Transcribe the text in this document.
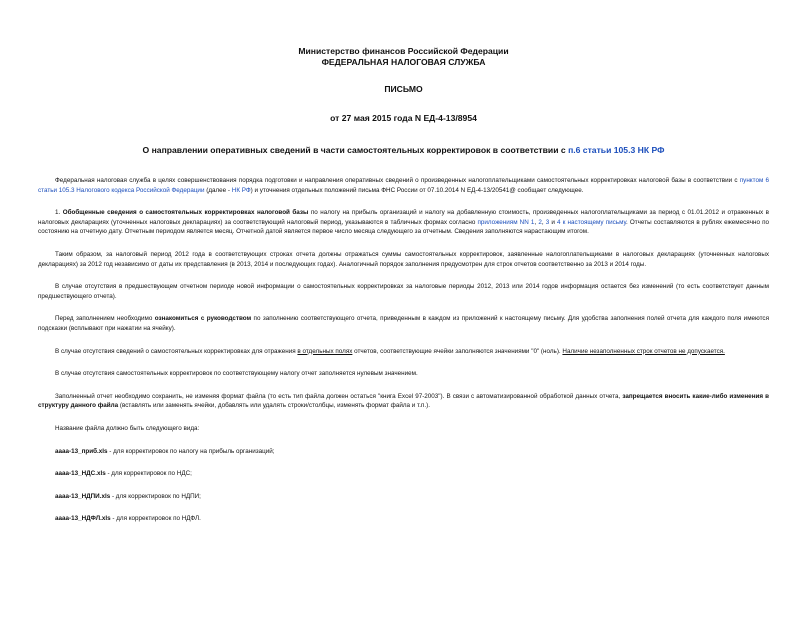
Министерство финансов Российской Федерации
ФЕДЕРАЛЬНАЯ НАЛОГОВАЯ СЛУЖБА
ПИСЬМО
от 27 мая 2015 года N ЕД-4-13/8954
О направлении оперативных сведений в части самостоятельных корректировок в соответствии с п.6 статьи 105.3 НК РФ

Федеральная налоговая служба в целях совершенствования порядка подготовки и направления оперативных сведений о произведенных налогоплательщиками самостоятельных корректировках налоговой базы в соответствии с пунктом 6 статьи 105.3 Налогового кодекса Российской Федерации (далее - НК РФ) и уточнения отдельных положений письма ФНС России от 07.10.2014 N ЕД-4-13/20541@ сообщает следующее.

1. Обобщенные сведения о самостоятельных корректировках налоговой базы по налогу на прибыль организаций и налогу на добавленную стоимость, произведенных налогоплательщиками за период с 01.01.2012 и отраженных в налоговых декларациях (уточненных налоговых декларациях) за соответствующий налоговый период, указываются в табличных формах согласно приложениям NN 1, 2, 3 и 4 к настоящему письму. Отчеты составляются в рублях ежемесячно по состоянию на отчетную дату. Отчетным периодом является месяц. Отчетной датой является первое число месяца следующего за отчетным. Сведения заполняются нарастающим итогом.

Таким образом, за налоговый период 2012 года в соответствующих строках отчета должны отражаться суммы самостоятельных корректировок, заявленные налогоплательщиками в налоговых декларациях (уточненных налоговых декларациях) за 2012 год независимо от даты их представления (в 2013, 2014 и последующих годах). Аналогичный порядок заполнения предусмотрен для строк отчетов соответственно за 2013 и 2014 годы.

В случае отсутствия в предшествующем отчетном периоде новой информации о самостоятельных корректировках за налоговые периоды 2012, 2013 или 2014 годов информация остается без изменений (то есть соответствует данным предшествующего отчета).

Перед заполнением необходимо ознакомиться с руководством по заполнению соответствующего отчета, приведенным в каждом из приложений к настоящему письму. Для удобства заполнения полей отчета для каждого поля имеются подсказки (всплывают при нажатии на ячейку).

В случае отсутствия сведений о самостоятельных корректировках для отражения в отдельных полях отчетов, соответствующие ячейки заполняются значениями "0" (ноль). Наличие незаполненных строк отчетов не допускается.

В случае отсутствия самостоятельных корректировок по соответствующему налогу отчет заполняется нулевым значением.

Заполненный отчет необходимо сохранить, не изменяя формат файла (то есть тип файла должен остаться "книга Excel 97-2003"). В связи с автоматизированной обработкой данных отчета, запрещается вносить какие-либо изменения в структуру данного файла (вставлять или заменять ячейки, добавлять или удалять строки/столбцы, изменять формат файла и т.п.).

Название файла должно быть следующего вида:

аааа-13_приб.xls - для корректировок по налогу на прибыль организаций;

аааа-13_НДС.xls - для корректировок по НДС;

аааа-13_НДПИ.xls - для корректировок по НДПИ;

аааа-13_НДФЛ.xls - для корректировок по НДФЛ.
